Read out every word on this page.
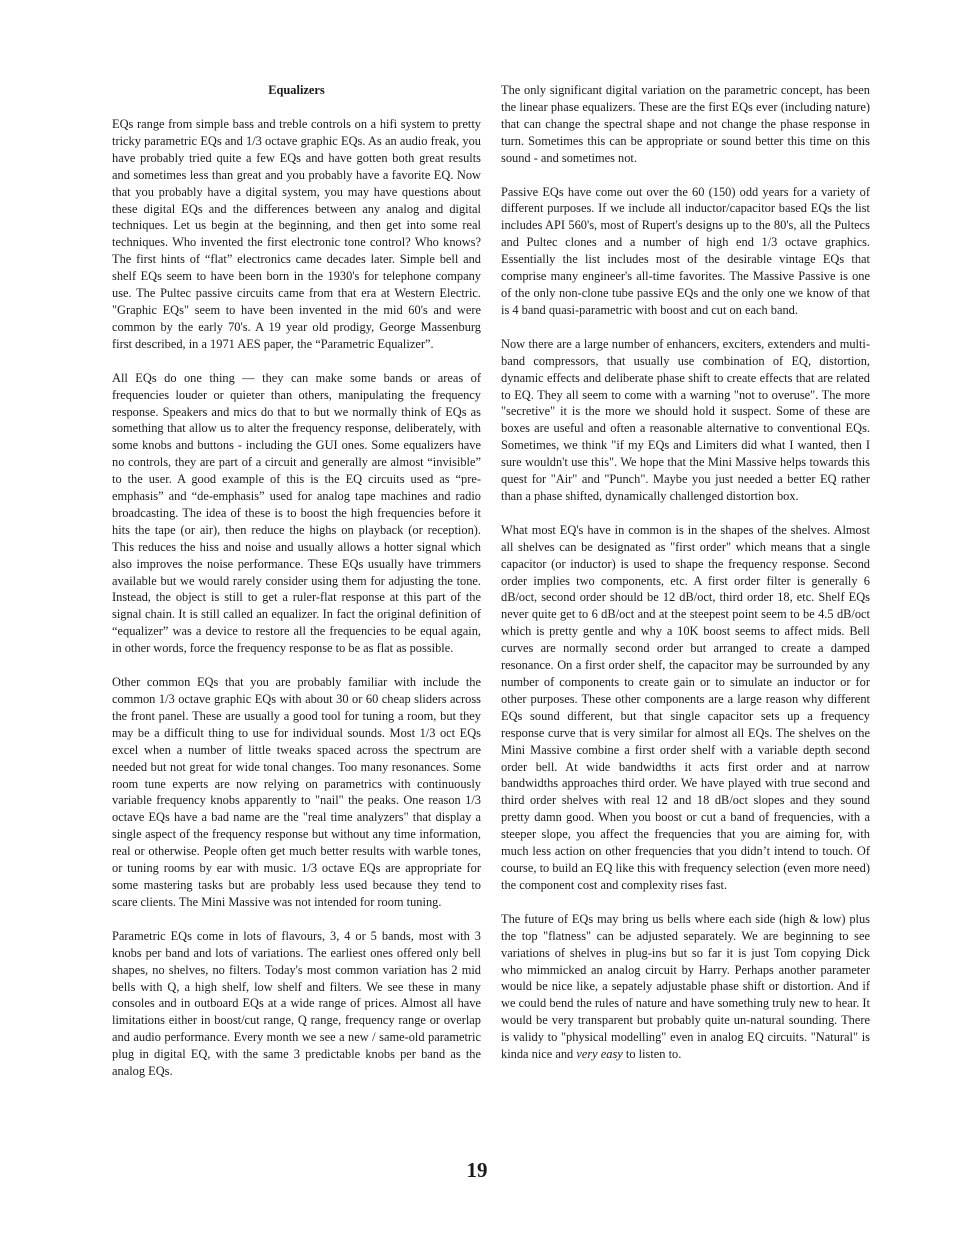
Equalizers

EQs range from simple bass and treble controls on a hifi system to pretty tricky parametric EQs and 1/3 octave graphic EQs. As an audio freak, you have probably tried quite a few EQs and have gotten both great results and sometimes less than great and you probably have a favorite EQ. Now that you probably have a digital system, you may have questions about these digital EQs and the differences between any analog and digital techniques. Let us begin at the beginning, and then get into some real techniques. Who invented the first electronic tone control? Who knows? The first hints of “flat” electronics came decades later. Simple bell and shelf EQs seem to have been born in the 1930's for telephone company use. The Pultec passive circuits came from that era at Western Electric. "Graphic EQs" seem to have been invented in the mid 60's and were common by the early 70's. A 19 year old prodigy, George Massenburg first described, in a 1971 AES paper, the “Parametric Equalizer”.

All EQs do one thing — they can make some bands or areas of frequencies louder or quieter than others, manipulating the frequency response. Speakers and mics do that to but we normally think of EQs as something that allow us to alter the frequency response, deliberately, with some knobs and buttons - including the GUI ones. Some equalizers have no controls, they are part of a circuit and generally are almost “invisible” to the user. A good example of this is the EQ circuits used as “pre-emphasis” and “de-emphasis” used for analog tape machines and radio broadcasting. The idea of these is to boost the high frequencies before it hits the tape (or air), then reduce the highs on playback (or reception). This reduces the hiss and noise and usually allows a hotter signal which also improves the noise performance. These EQs usually have trimmers available but we would rarely consider using them for adjusting the tone. Instead, the object is still to get a ruler-flat response at this part of the signal chain. It is still called an equalizer. In fact the original definition of “equalizer” was a device to restore all the frequencies to be equal again, in other words, force the frequency response to be as flat as possible.

Other common EQs that you are probably familiar with include the common 1/3 octave graphic EQs with about 30 or 60 cheap sliders across the front panel. These are usually a good tool for tuning a room, but they may be a difficult thing to use for individual sounds. Most 1/3 oct EQs excel when a number of little tweaks spaced across the spectrum are needed but not great for wide tonal changes. Too many resonances. Some room tune experts are now relying on parametrics with continuously variable frequency knobs apparently to "nail" the peaks. One reason 1/3 octave EQs have a bad name are the "real time analyzers" that display a single aspect of the frequency response but without any time information, real or otherwise. People often get much better results with warble tones, or tuning rooms by ear with music. 1/3 octave EQs are appropriate for some mastering tasks but are probably less used because they tend to scare clients. The Mini Massive was not intended for room tuning.

Parametric EQs come in lots of flavours, 3, 4 or 5 bands, most with 3 knobs per band and lots of variations. The earliest ones offered only bell shapes, no shelves, no filters. Today's most common variation has 2 mid bells with Q, a high shelf, low shelf and filters. We see these in many consoles and in outboard EQs at a wide range of prices. Almost all have limitations either in boost/cut range, Q range, frequency range or overlap and audio performance. Every month we see a new / same-old parametric plug in digital EQ, with the same 3 predictable knobs per band as the analog EQs.

The only significant digital variation on the parametric concept, has been the linear phase equalizers. These are the first EQs ever (including nature) that can change the spectral shape and not change the phase response in turn. Sometimes this can be appropriate or sound better this time on this sound - and sometimes not.

Passive EQs have come out over the 60 (150) odd years for a variety of different purposes. If we include all inductor/capacitor based EQs the list includes API 560's, most of Rupert's designs up to the 80's, all the Pultecs and Pultec clones and a number of high end 1/3 octave graphics. Essentially the list includes most of the desirable vintage EQs that comprise many engineer's all-time favorites. The Massive Passive is one of the only non-clone tube passive EQs and the only one we know of that is 4 band quasi-parametric with boost and cut on each band.

Now there are a large number of enhancers, exciters, extenders and multi-band compressors, that usually use combination of EQ, distortion, dynamic effects and deliberate phase shift to create effects that are related to EQ. They all seem to come with a warning "not to overuse". The more "secretive" it is the more we should hold it suspect. Some of these are boxes are useful and often a reasonable alternative to conventional EQs. Sometimes, we think "if my EQs and Limiters did what I wanted, then I sure wouldn't use this". We hope that the Mini Massive helps towards this quest for "Air" and "Punch". Maybe you just needed a better EQ rather than a phase shifted, dynamically challenged distortion box.

What most EQ's have in common is in the shapes of the shelves. Almost all shelves can be designated as "first order" which means that a single capacitor (or inductor) is used to shape the frequency response. Second order implies two components, etc. A first order filter is generally 6 dB/oct, second order should be 12 dB/oct, third order 18, etc. Shelf EQs never quite get to 6 dB/oct and at the steepest point seem to be 4.5 dB/oct which is pretty gentle and why a 10K boost seems to affect mids. Bell curves are normally second order but arranged to create a damped resonance. On a first order shelf, the capacitor may be surrounded by any number of components to create gain or to simulate an inductor or for other purposes. These other components are a large reason why different EQs sound different, but that single capacitor sets up a frequency response curve that is very similar for almost all EQs. The shelves on the Mini Massive combine a first order shelf with a variable depth second order bell. At wide bandwidths it acts first order and at narrow bandwidths approaches third order. We have played with true second and third order shelves with real 12 and 18 dB/oct slopes and they sound pretty damn good. When you boost or cut a band of frequencies, with a steeper slope, you affect the frequencies that you are aiming for, with much less action on other frequencies that you didn’t intend to touch. Of course, to build an EQ like this with frequency selection (even more need) the component cost and complexity rises fast.

The future of EQs may bring us bells where each side (high & low) plus the top "flatness" can be adjusted separately. We are beginning to see variations of shelves in plug-ins but so far it is just Tom copying Dick who mimmicked an analog circuit by Harry. Perhaps another parameter would be nice like, a sepately adjustable phase shift or distortion. And if we could bend the rules of nature and have something truly new to hear. It would be very transparent but probably quite un-natural sounding. There is validy to "physical modelling" even in analog EQ circuits. "Natural" is kinda nice and very easy to listen to.

19
